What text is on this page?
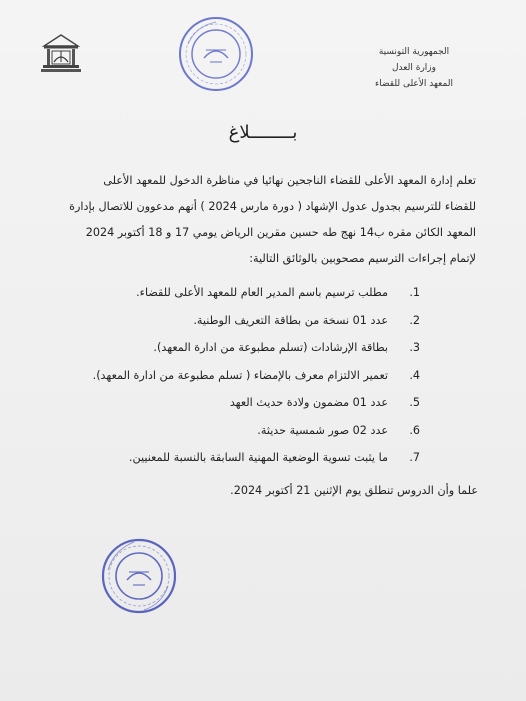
الجمهورية التونسية
وزارة العدل
المعهد الأعلى للقضاء
بــــــــلاغ
تعلم إدارة المعهد الأعلى للقضاء الناجحين نهائيا في مناظرة الدخول للمعهد الأعلى
للقضاء للترسيم بجدول عدول الإشهاد ( دورة مارس 2024 ) أنهم مدعوون للاتصال بإدارة
المعهد الكائن مقره ب14 نهج طه حسين مقرين الرياض يومي 17 و 18 أكتوبر 2024
لإتمام إجراءات الترسيم مصحوبين بالوثائق التالية:
1.
مطلب ترسيم باسم المدير العام للمعهد الأعلى للقضاء.
2.
عدد 01 نسخة من بطاقة التعريف الوطنية.
3.
بطاقة الإرشادات (تسلم مطبوعة من ادارة المعهد).
4.
تعمير الالتزام معرف بالإمضاء ( تسلم مطبوعة من ادارة المعهد).
5.
عدد 01 مضمون ولادة حديث العهد
6.
عدد 02 صور شمسية حديثة.
7.
ما يثبت تسوية الوضعية المهنية السابقة بالنسبة للمعنيين.
علما وأن الدروس تنطلق يوم الإثنين 21 أكتوبر 2024.
